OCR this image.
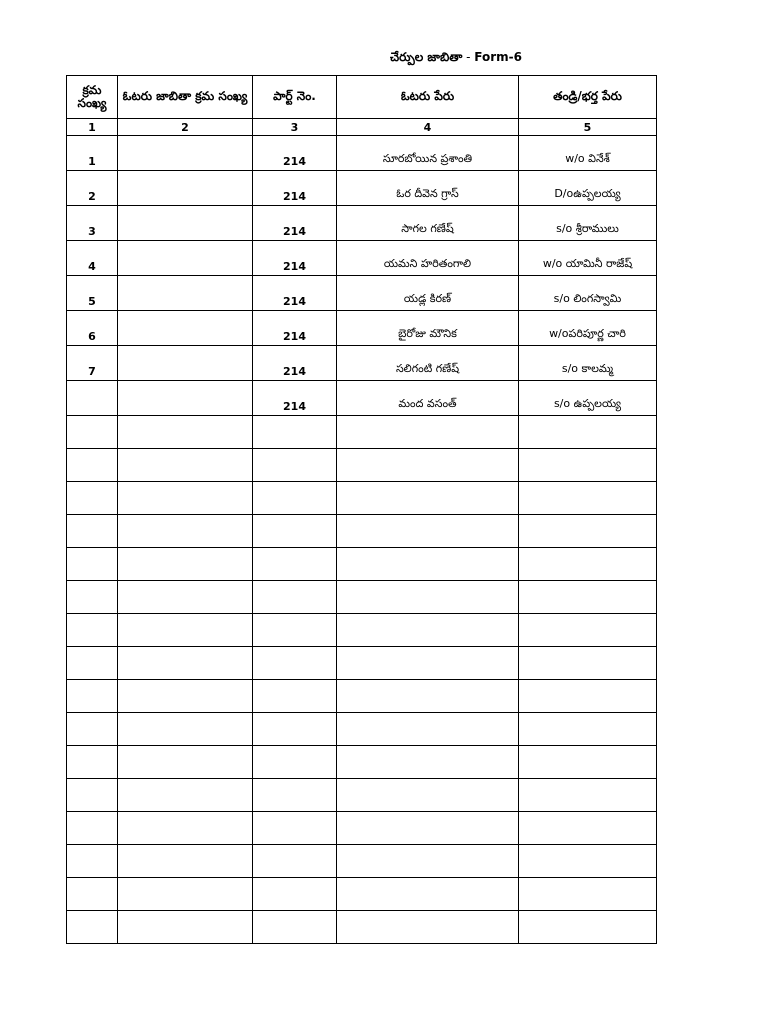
చేర్పుల జాబితా - Form-6
క్రమ సంఖ్య	ఓటరు జాబితా క్రమ సంఖ్య	పార్ట్ నెం.	ఓటరు పేరు	తండ్రి/భర్త పేరు
1	2	3	4	5
1		214	సూరబోయిన ప్రశాంతి	w/o వినేశ్
2		214	ఓర దీవెన గ్రాస్	D/oఉప్పలయ్య
3		214	సాగల గణేష్	s/o శ్రీరాములు
4		214	యమని హరితంగాలి	w/o యామినీ రాజేష్
5		214	యడ్ల కిరణ్	s/o లింగస్వామి
6		214	బైరోజు మౌనిక	w/oపరిపూర్ణ చారి
7		214	సలిగంటి గణేష్	s/o కాలమ్మ
		214	మంద వసంత్	s/o ఉప్పలయ్య
